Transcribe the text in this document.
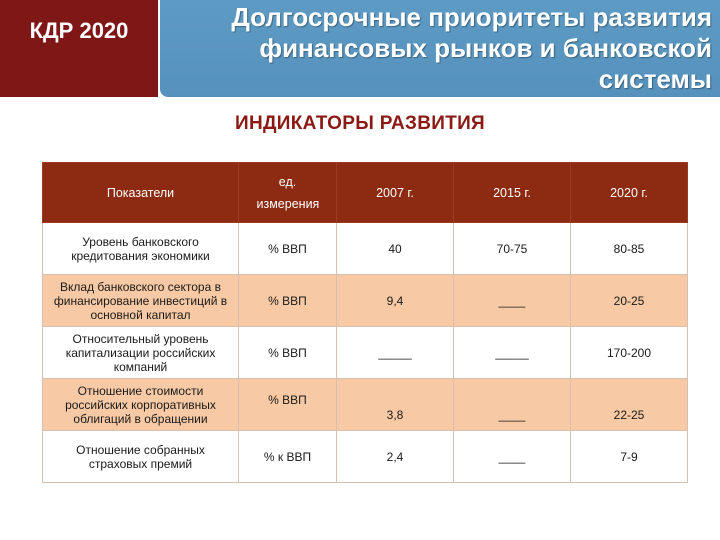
КДР 2020	Долгосрочные приоритеты развития
финансовых рынков и банковской
системы
ИНДИКАТОРЫ РАЗВИТИЯ
Показатели	ед. измерения	2007 г.	2015 г.	2020 г.
Уровень банковского кредитования экономики	% ВВП	40	70-75	80-85
Вклад банковского сектора в финансирование инвестиций в основной капитал	% ВВП	9,4	____	20-25
Относительный уровень капитализации российских компаний	% ВВП	_____	_____	170-200
Отношение стоимости российских корпоративных облигаций в обращении	% ВВП	3,8	____	22-25
Отношение собранных страховых премий	% к ВВП	2,4	____	7-9
